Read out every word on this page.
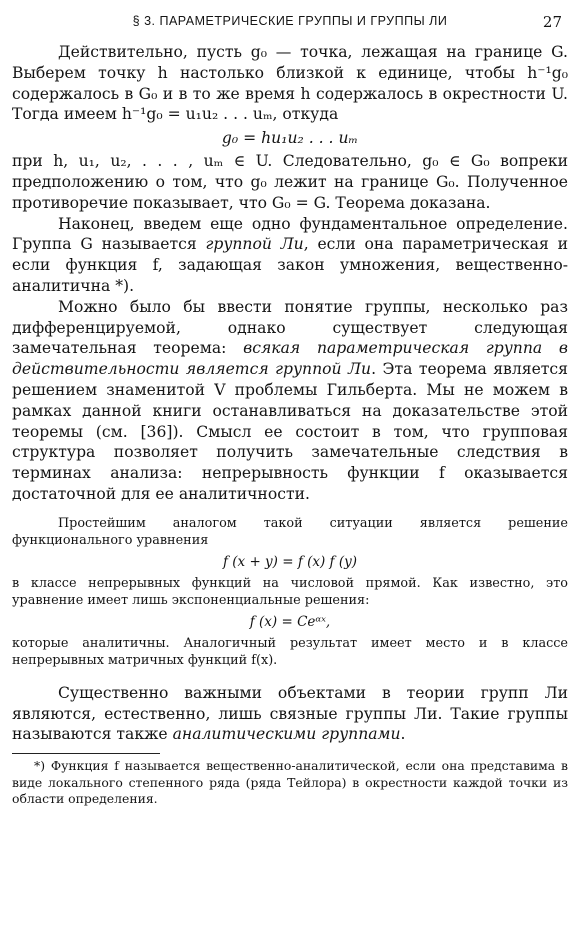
§ 3. ПАРАМЕТРИЧЕСКИЕ ГРУППЫ И ГРУППЫ ЛИ	27

Действительно, пусть g₀ — точка, лежащая на границе G. Выберем точку h настолько близкой к единице, чтобы h⁻¹g₀ содержалось в G₀ и в то же время h содержалось в окрестности U. Тогда имеем h⁻¹g₀ = u₁u₂ . . . uₘ, откуда

g₀ = hu₁u₂ . . . uₘ

при h, u₁, u₂, . . . , uₘ ∈ U. Следовательно, g₀ ∈ G₀ вопреки предположению о том, что g₀ лежит на границе G₀. Полученное противоречие показывает, что G₀ = G. Теорема доказана.

Наконец, введем еще одно фундаментальное определение. Группа G называется группой Ли, если она параметрическая и если функция f, задающая закон умножения, вещественно-аналитична *).

Можно было бы ввести понятие группы, несколько раз дифференцируемой, однако существует следующая замечательная теорема: всякая параметрическая группа в действительности является группой Ли. Эта теорема является решением знаменитой V проблемы Гильберта. Мы не можем в рамках данной книги останавливаться на доказательстве этой теоремы (см. [36]). Смысл ее состоит в том, что групповая структура позволяет получить замечательные следствия в терминах анализа: непрерывность функции f оказывается достаточной для ее аналитичности.

Простейшим аналогом такой ситуации является решение функционального уравнения

f (x + y) = f (x) f (y)

в классе непрерывных функций на числовой прямой. Как известно, это уравнение имеет лишь экспоненциальные решения:

f (x) = Ceᵅˣ,

которые аналитичны. Аналогичный результат имеет место и в классе непрерывных матричных функций f(x).

Существенно важными объектами в теории групп Ли являются, естественно, лишь связные группы Ли. Такие группы называются также аналитическими группами.

*) Функция f называется вещественно-аналитической, если она представима в виде локального степенного ряда (ряда Тейлора) в окрестности каждой точки из области определения.
